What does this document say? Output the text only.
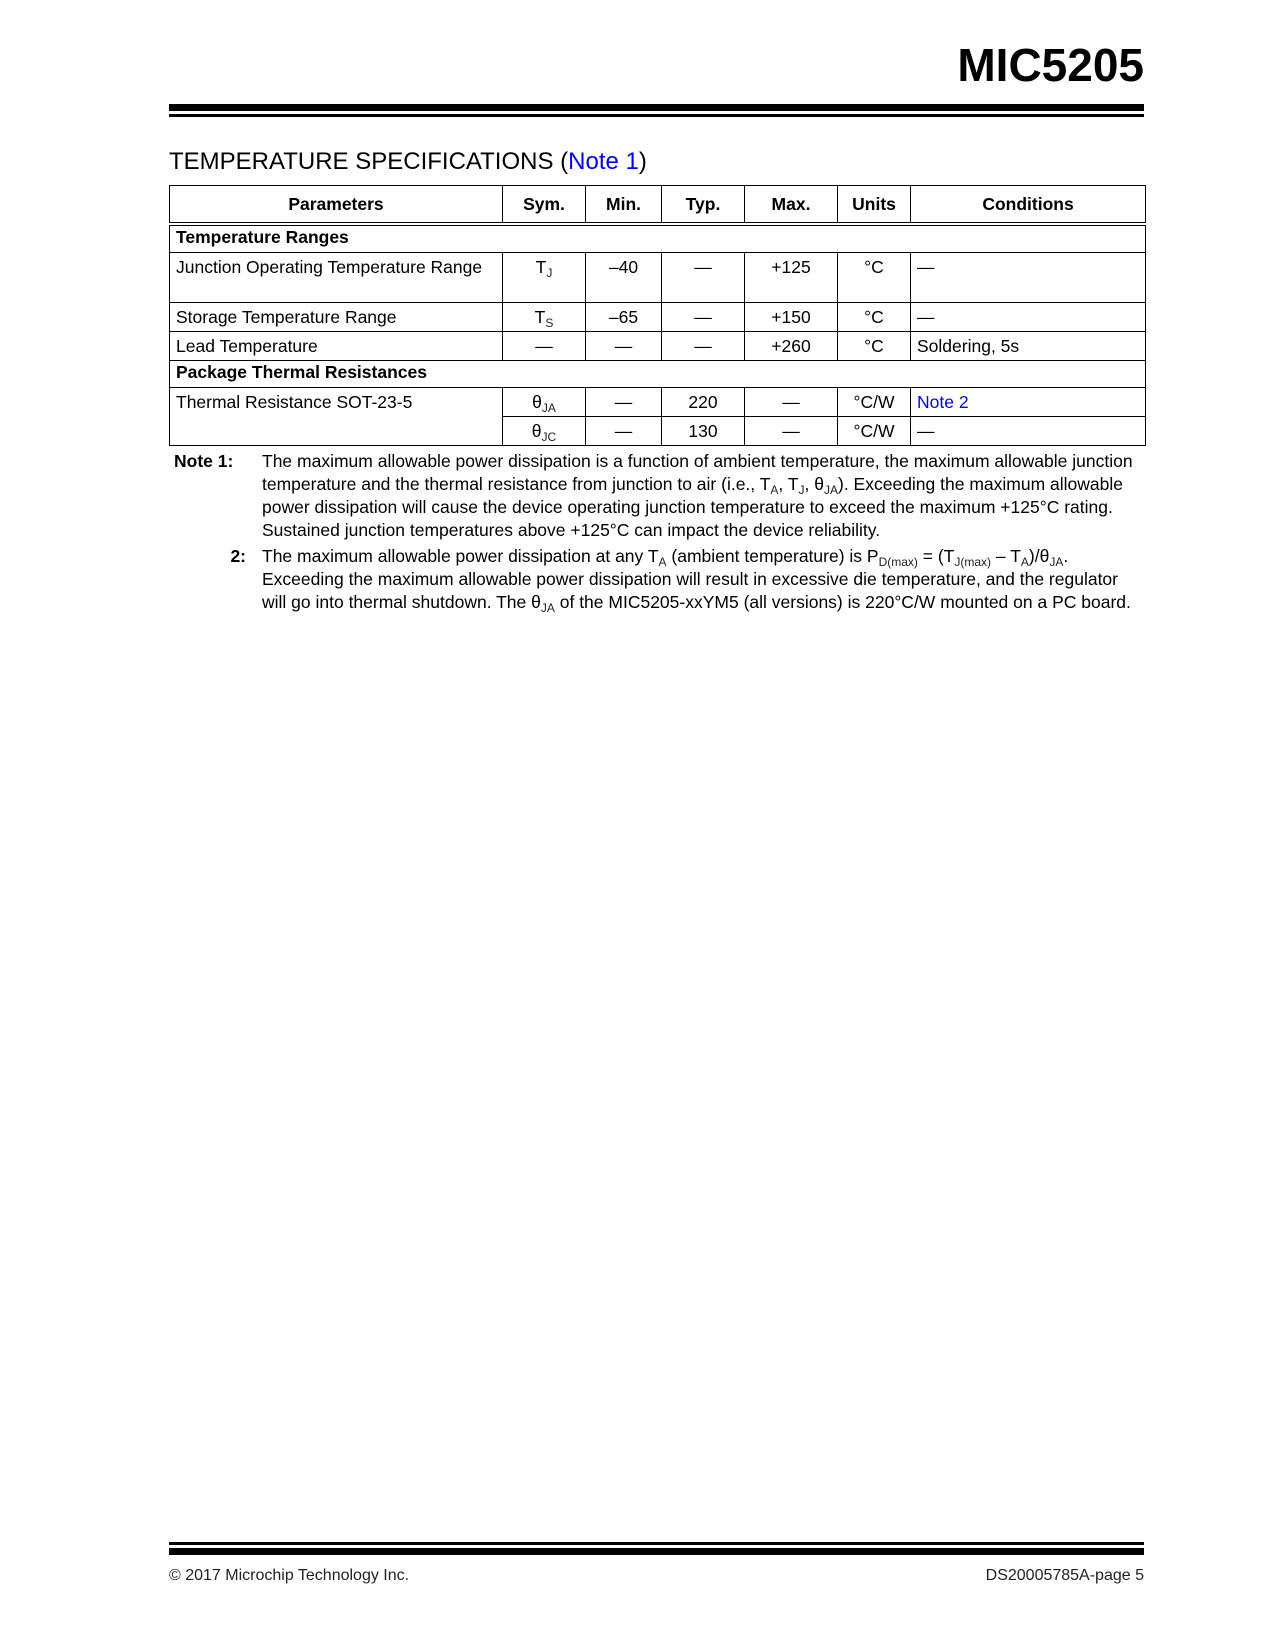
MIC5205
TEMPERATURE SPECIFICATIONS (Note 1)
Parameters	Sym.	Min.	Typ.	Max.	Units	Conditions
Temperature Ranges						
Junction Operating Temperature Range	$T_J$	–40	—	+125	°C	—
Storage Temperature Range	$T_S$	–65	—	+150	°C	—
Lead Temperature	—	—	—	+260	°C	Soldering, 5s
Package Thermal Resistances						
Thermal Resistance SOT-23-5	$\theta_{JA}$	—	220	—	°C/W	Note 2
	$\theta_{JC}$	—	130	—	°C/W	—
Note 1:	The maximum allowable power dissipation is a function of ambient temperature, the maximum allowable junction temperature and the thermal resistance from junction to air (i.e., $T_A$, $T_J$, $\theta_{JA}$). Exceeding the maximum allowable power dissipation will cause the device operating junction temperature to exceed the maximum +125°C rating. Sustained junction temperatures above +125°C can impact the device reliability.
2: The maximum allowable power dissipation at any $T_A$ (ambient temperature) is $P_{D(max)} = (T_{J(max)} - T_A)/\theta_{JA}$. Exceeding the maximum allowable power dissipation will result in excessive die temperature, and the regulator will go into thermal shutdown. The $\theta_{JA}$ of the MIC5205-xxYM5 (all versions) is 220°C/W mounted on a PC board.
© 2017 Microchip Technology Inc.	DS20005785A-page 5
